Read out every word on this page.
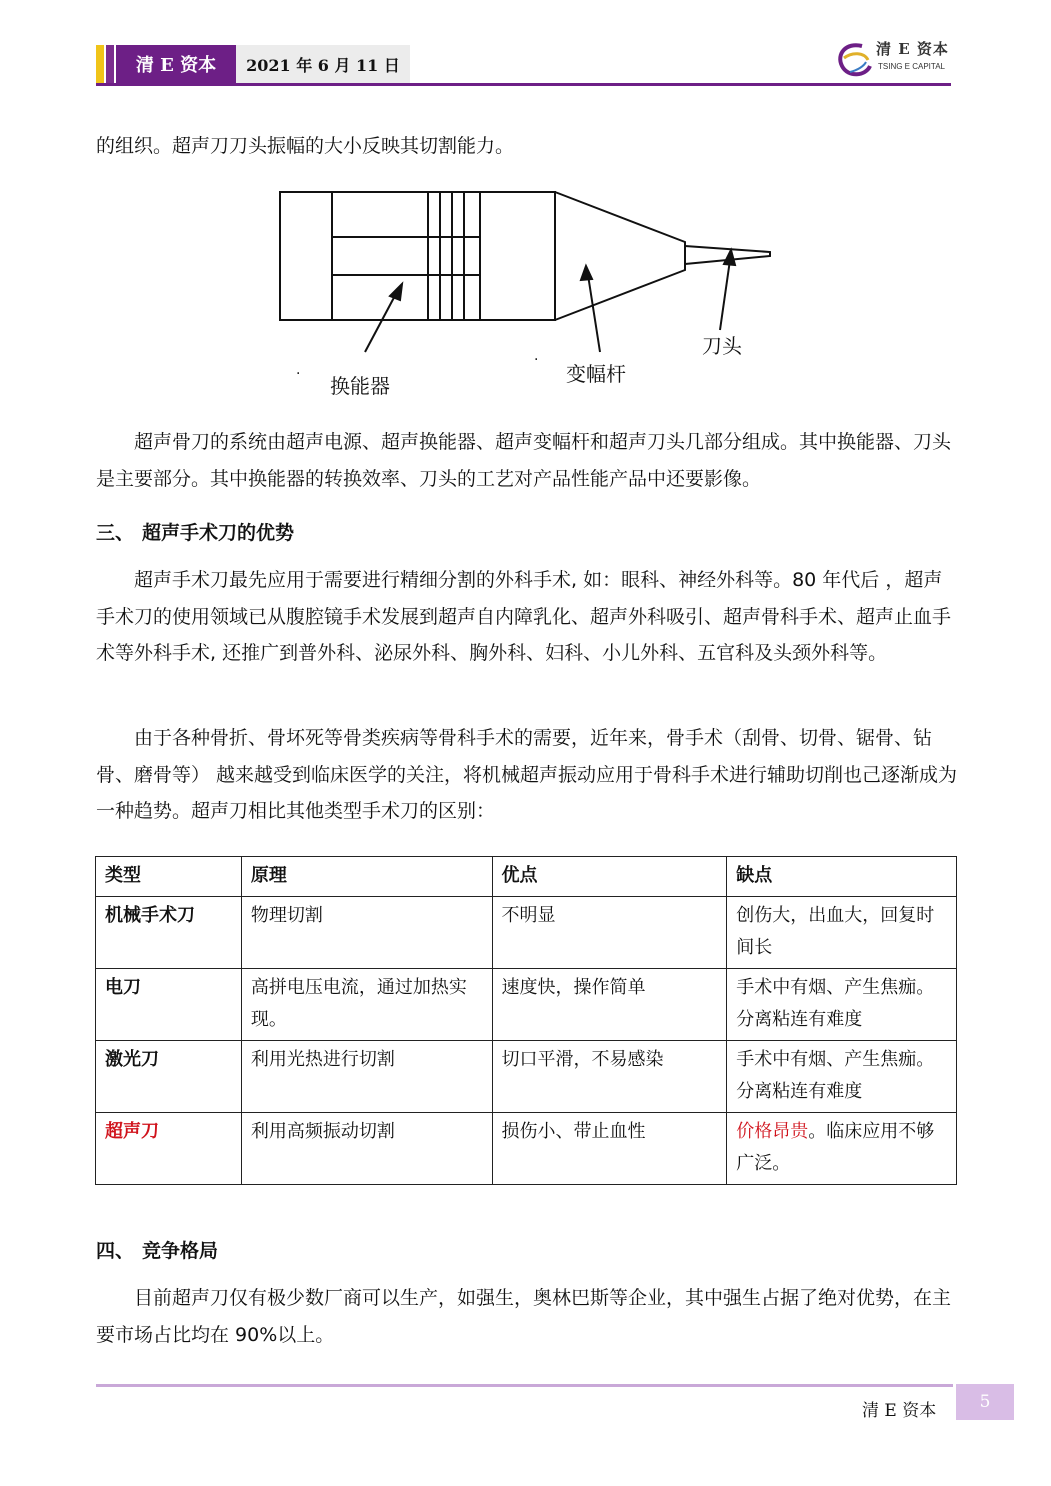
清 E 资本	2021 年 6 月 11 日
清 E 资本
TSING E CAPITAL

的组织。超声刀刀头振幅的大小反映其切割能力。

· 换能器
·
变幅杆
刀头

超声骨刀的系统由超声电源、超声换能器、超声变幅杆和超声刀头几部分组成。其中换能器、刀头是主要部分。其中换能器的转换效率、刀头的工艺对产品性能产品中还要影像。

三、 超声手术刀的优势

超声手术刀最先应用于需要进行精细分割的外科手术, 如：眼科、神经外科等。80 年代后 ，超声手术刀的使用领域已从腹腔镜手术发展到超声自内障乳化、超声外科吸引、超声骨科手术、超声止血手术等外科手术, 还推广到普外科、泌尿外科、胸外科、妇科、小儿外科、五官科及头颈外科等。

由于各种骨折、骨坏死等骨类疾病等骨科手术的需要，近年来，骨手术（刮骨、切骨、锯骨、钻骨、磨骨等） 越来越受到临床医学的关注，将机械超声振动应用于骨科手术进行辅助切削也己逐渐成为一种趋势。超声刀相比其他类型手术刀的区别：

类型	原理	优点	缺点
机械手术刀	物理切割	不明显	创伤大，出血大，回复时间长
电刀	高拼电压电流，通过加热实现。	速度快，操作简单	手术中有烟、产生焦痂。分离粘连有难度
激光刀	利用光热进行切割	切口平滑，不易感染	手术中有烟、产生焦痂。分离粘连有难度
超声刀	利用高频振动切割	损伤小、带止血性	价格昂贵。临床应用不够广泛。
四、 竞争格局

目前超声刀仅有极少数厂商可以生产，如强生，奥林巴斯等企业，其中强生占据了绝对优势，在主要市场占比均在 90%以上。

清 E 资本	5
